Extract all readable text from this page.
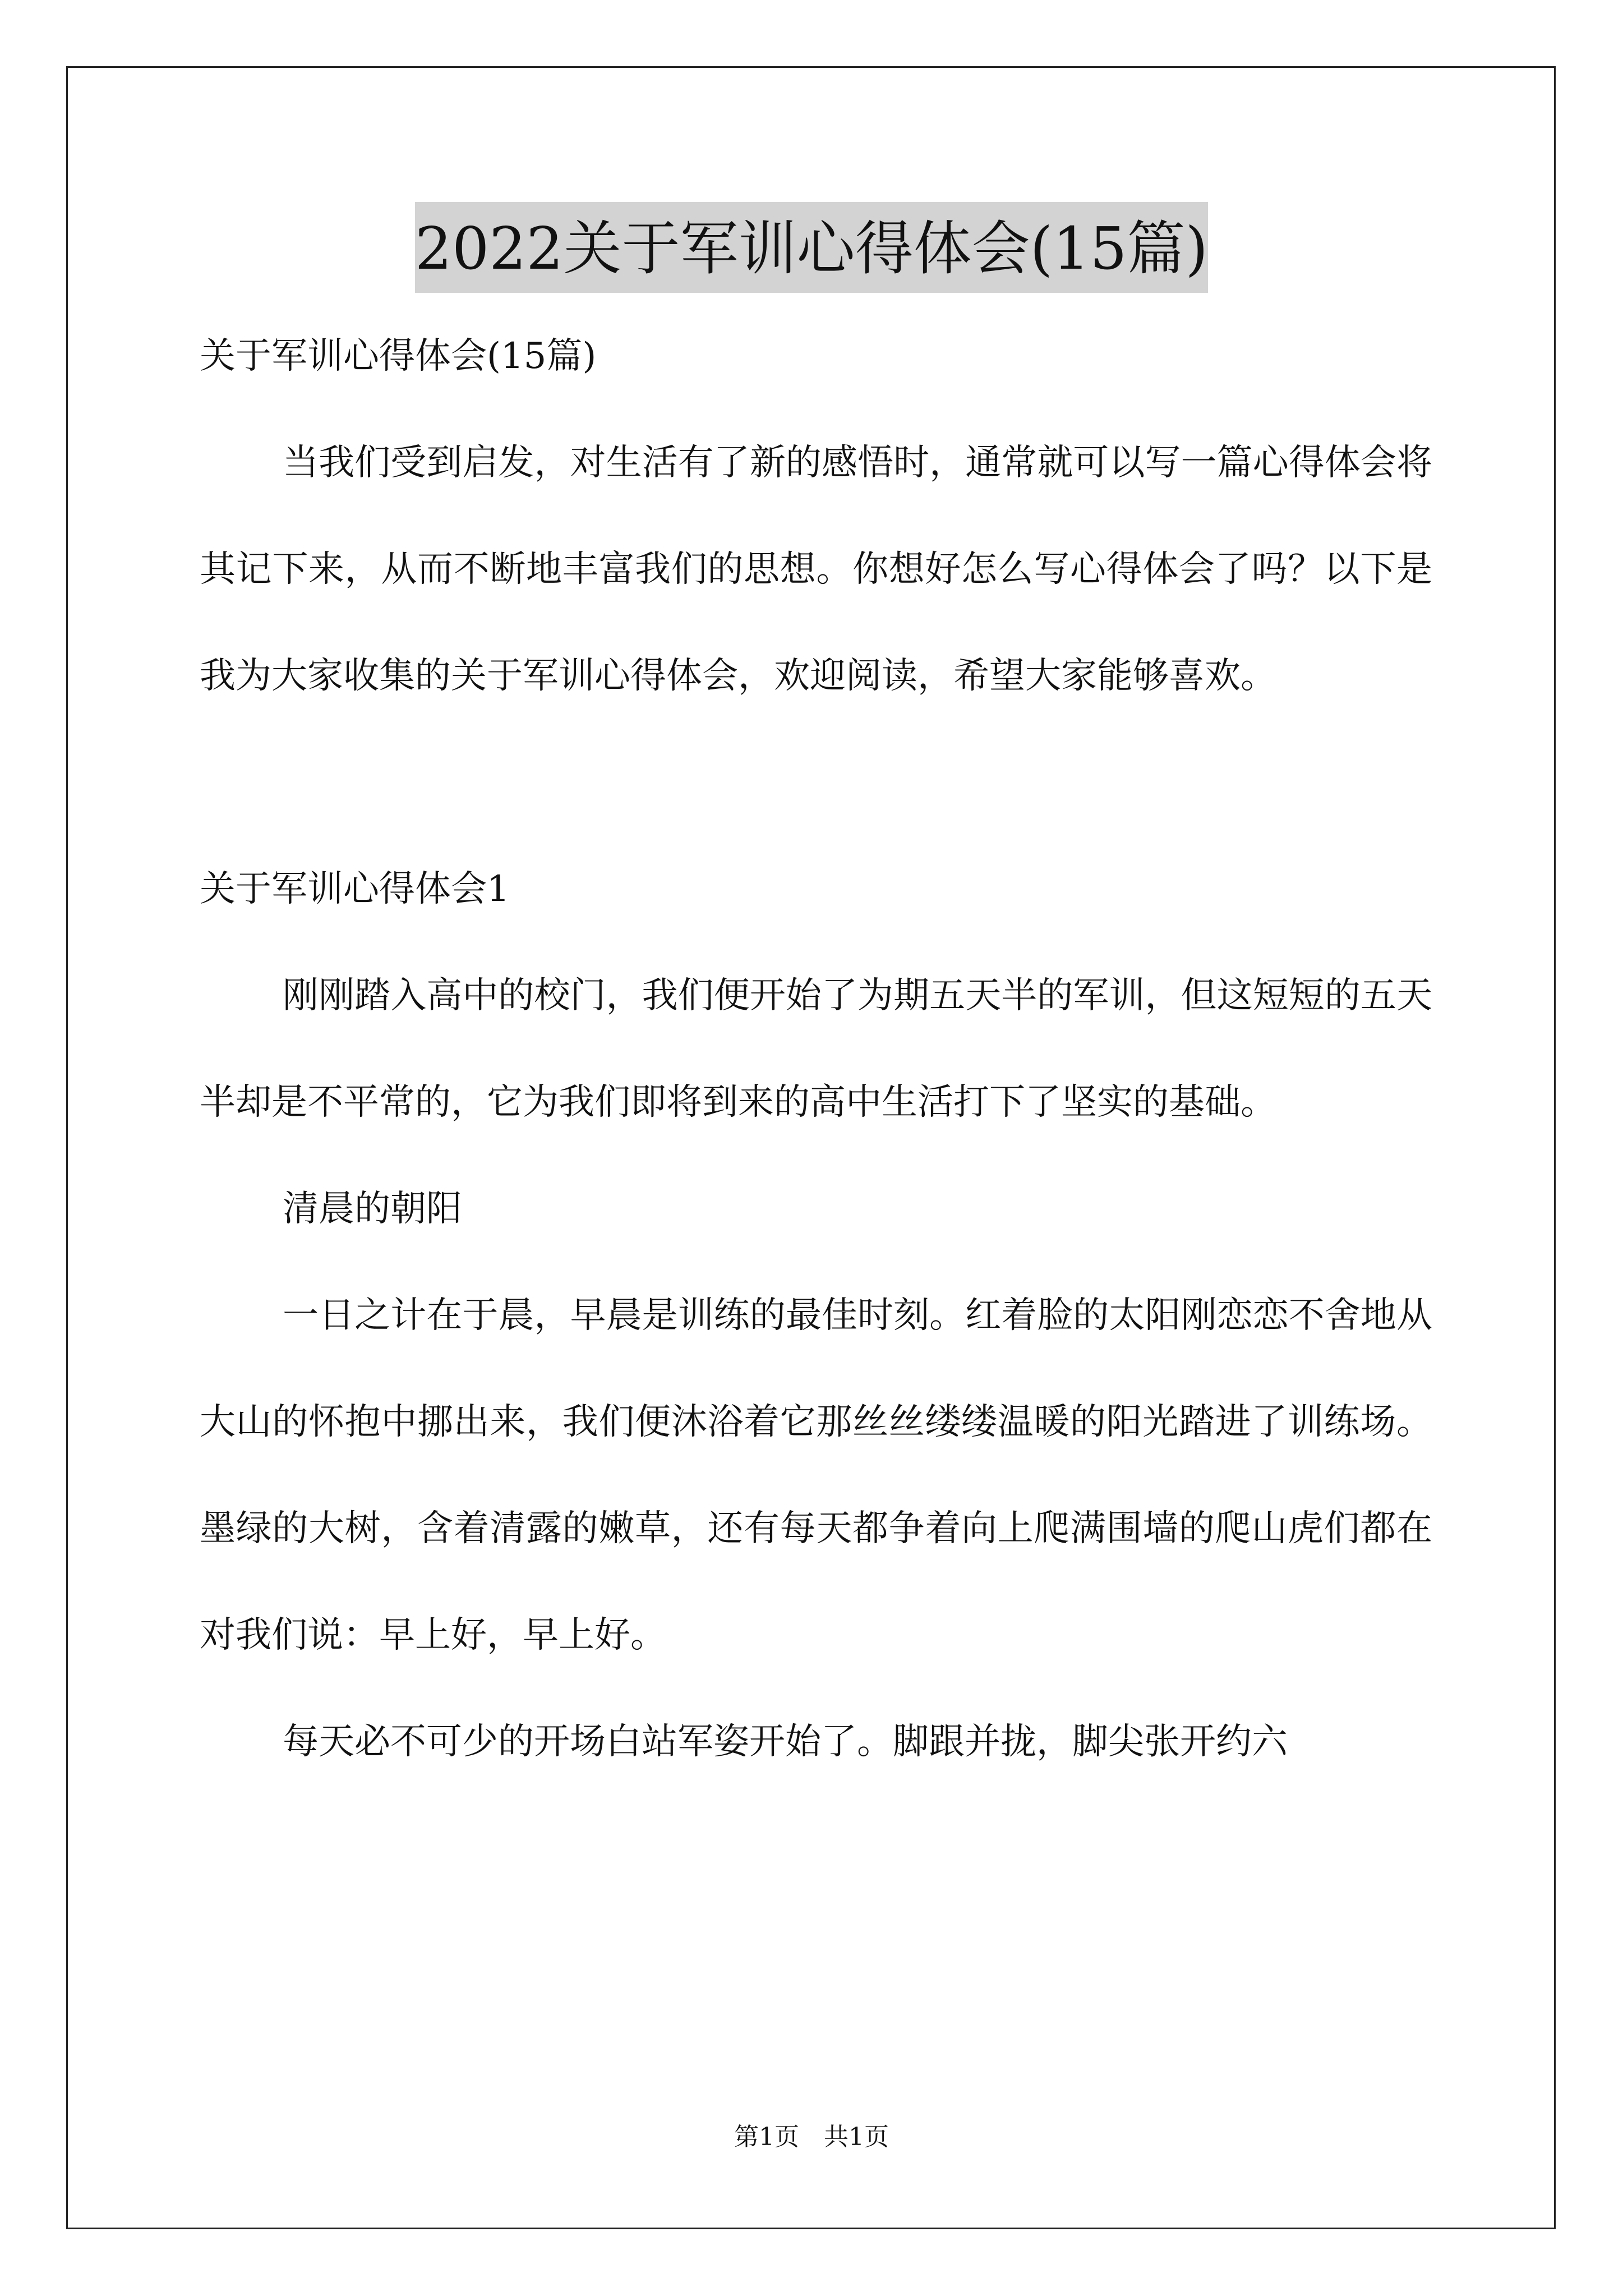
2022关于军训心得体会(15篇)

关于军训心得体会(15篇)

当我们受到启发，对生活有了新的感悟时，通常就可以写一篇心得体会将其记下来，从而不断地丰富我们的思想。你想好怎么写心得体会了吗？以下是我为大家收集的关于军训心得体会，欢迎阅读，希望大家能够喜欢。

关于军训心得体会1

刚刚踏入高中的校门，我们便开始了为期五天半的军训，但这短短的五天半却是不平常的，它为我们即将到来的高中生活打下了坚实的基础。

清晨的朝阳

一日之计在于晨，早晨是训练的最佳时刻。红着脸的太阳刚恋恋不舍地从大山的怀抱中挪出来，我们便沐浴着它那丝丝缕缕温暖的阳光踏进了训练场。墨绿的大树，含着清露的嫩草，还有每天都争着向上爬满围墙的爬山虎们都在对我们说：早上好，早上好。

每天必不可少的开场白站军姿开始了。脚跟并拢，脚尖张开约六

第1页　共1页
